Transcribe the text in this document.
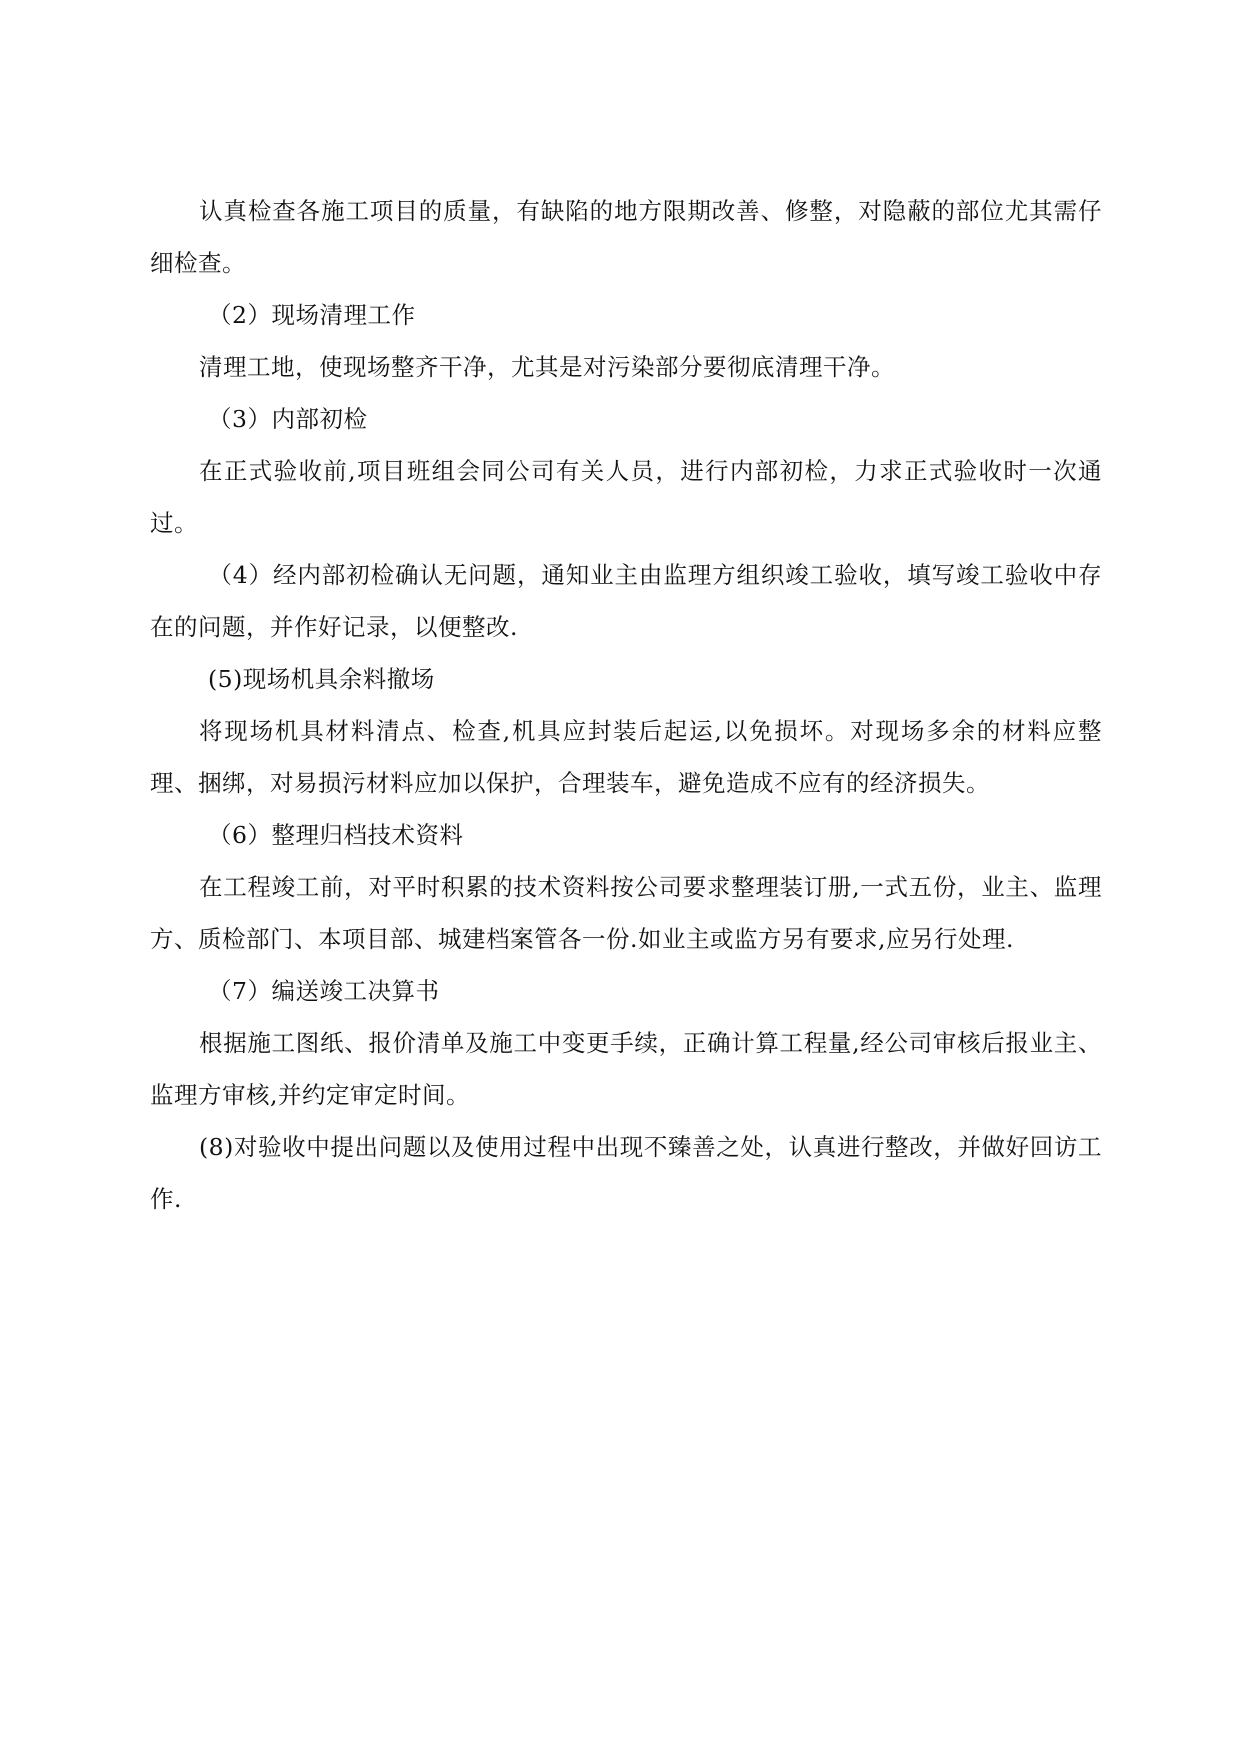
认真检查各施工项目的质量，有缺陷的地方限期改善、修整，对隐蔽的部位尤其需仔细检查。

（2）现场清理工作

清理工地，使现场整齐干净，尤其是对污染部分要彻底清理干净。

（3）内部初检

在正式验收前,项目班组会同公司有关人员，进行内部初检，力求正式验收时一次通过。

（4）经内部初检确认无问题，通知业主由监理方组织竣工验收，填写竣工验收中存在的问题，并作好记录，以便整改.

(5)现场机具余料撤场

将现场机具材料清点、检查,机具应封装后起运,以免损坏。对现场多余的材料应整理、捆绑，对易损污材料应加以保护，合理装车，避免造成不应有的经济损失。

（6）整理归档技术资料

在工程竣工前，对平时积累的技术资料按公司要求整理装订册,一式五份，业主、监理方、质检部门、本项目部、城建档案管各一份.如业主或监方另有要求,应另行处理.

（7）编送竣工决算书

根据施工图纸、报价清单及施工中变更手续，正确计算工程量,经公司审核后报业主、监理方审核,并约定审定时间。

(8)对验收中提出问题以及使用过程中出现不臻善之处，认真进行整改，并做好回访工作.
